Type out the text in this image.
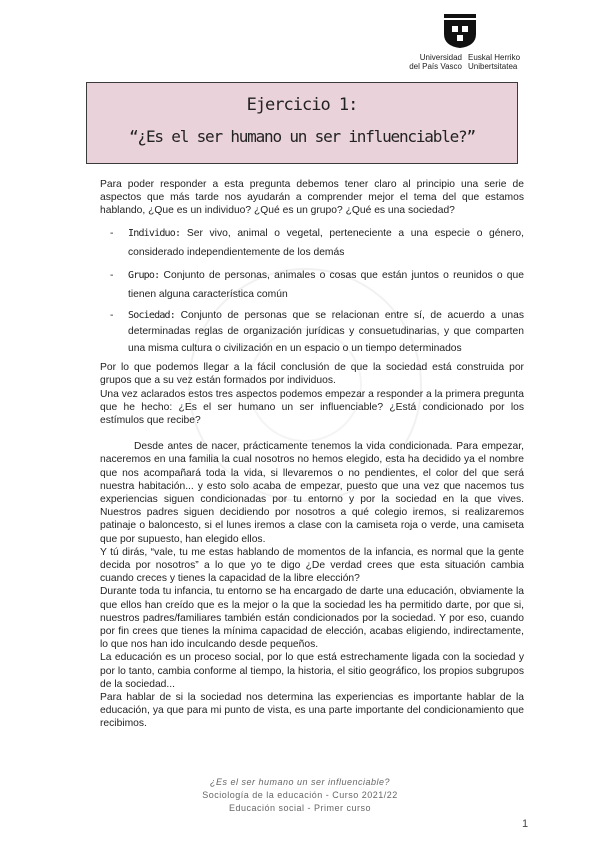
Universidad
del País Vasco
Euskal Herriko
Unibertsitatea
Ejercicio 1:
“¿Es el ser humano un ser influenciable?”

Para poder responder a esta pregunta debemos tener claro al principio una serie de aspectos que más tarde nos ayudarán a comprender mejor el tema del que estamos hablando, ¿Que es un individuo? ¿Qué es un grupo? ¿Qué es una sociedad?

- Individuo: Ser vivo, animal o vegetal, perteneciente a una especie o género, considerado independientemente de los demás
- Grupo: Conjunto de personas, animales o cosas que están juntos o reunidos o que tienen alguna característica común
- Sociedad: Conjunto de personas que se relacionan entre sí, de acuerdo a unas determinadas reglas de organización jurídicas y consuetudinarias, y que comparten una misma cultura o civilización en un espacio o un tiempo determinados

Por lo que podemos llegar a la fácil conclusión de que la sociedad está construida por grupos que a su vez están formados por individuos.

Una vez aclarados estos tres aspectos podemos empezar a responder a la primera pregunta que he hecho: ¿Es el ser humano un ser influenciable? ¿Está condicionado por los estímulos que recibe?

Desde antes de nacer, prácticamente tenemos la vida condicionada. Para empezar, naceremos en una familia la cual nosotros no hemos elegido, esta ha decidido ya el nombre que nos acompañará toda la vida, si llevaremos o no pendientes, el color del que será nuestra habitación... y esto solo acaba de empezar, puesto que una vez que nacemos tus experiencias siguen condicionadas por tu entorno y por la sociedad en la que vives. Nuestros padres siguen decidiendo por nosotros a qué colegio iremos, si realizaremos patinaje o baloncesto, si el lunes iremos a clase con la camiseta roja o verde, una camiseta que por supuesto, han elegido ellos.

Y tú dirás, “vale, tu me estas hablando de momentos de la infancia, es normal que la gente decida por nosotros” a lo que yo te digo ¿De verdad crees que esta situación cambia cuando creces y tienes la capacidad de la libre elección?

Durante toda tu infancia, tu entorno se ha encargado de darte una educación, obviamente la que ellos han creído que es la mejor o la que la sociedad les ha permitido darte, por que si, nuestros padres/familiares también están condicionados por la sociedad. Y por eso, cuando por fin crees que tienes la mínima capacidad de elección, acabas eligiendo, indirectamente, lo que nos han ido inculcando desde pequeños.

La educación es un proceso social, por lo que está estrechamente ligada con la sociedad y por lo tanto, cambia conforme al tiempo, la historia, el sitio geográfico, los propios subgrupos de la sociedad...

Para hablar de si la sociedad nos determina las experiencias es importante hablar de la educación, ya que para mi punto de vista, es una parte importante del condicionamiento que recibimos.

¿Es el ser humano un ser influenciable?
Sociología de la educación - Curso 2021/22
Educación social - Primer curso
1
